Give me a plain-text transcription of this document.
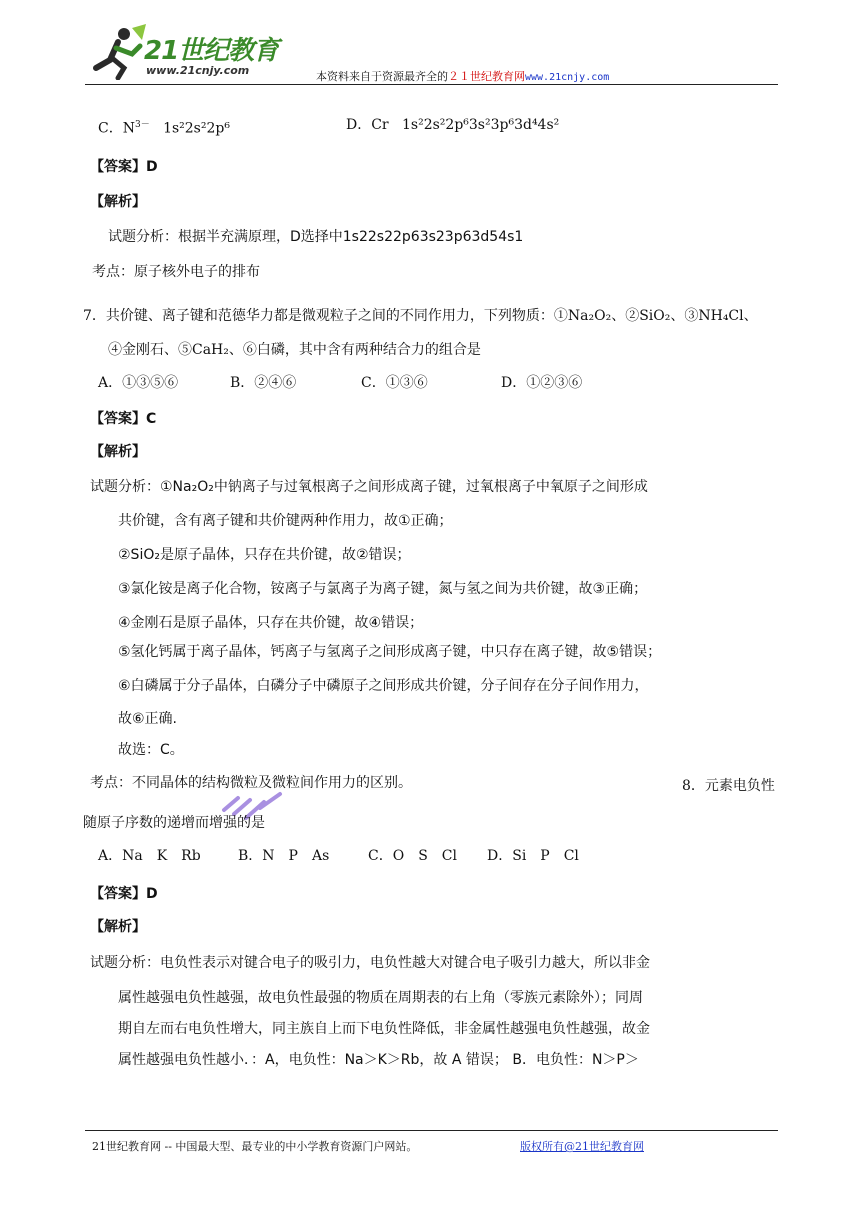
21世纪教育
www.21cnjy.com	本资料来自于资源最齐全的２１世纪教育网www.21cnjy.com
C．$N^{3-}$ 1s²2s²2p⁶	D．Cr 1s²2s²2p⁶3s²3p⁶3d⁴4s²
【答案】D
【解析】
试题分析：根据半充满原理，D选择中1s22s22p63s23p63d54s1
考点：原子核外电子的排布
7．共价键、离子键和范德华力都是微观粒子之间的不同作用力，下列物质：①Na₂O₂、②SiO₂、③NH₄Cl、
④金刚石、⑤CaH₂、⑥白磷，其中含有两种结合力的组合是
A．①③⑤⑥	B．②④⑥	C．①③⑥	D．①②③⑥
【答案】C
【解析】
试题分析：①Na₂O₂中钠离子与过氧根离子之间形成离子键，过氧根离子中氧原子之间形成
共价键，含有离子键和共价键两种作用力，故①正确；
②SiO₂是原子晶体，只存在共价键，故②错误；
③氯化铵是离子化合物，铵离子与氯离子为离子键，氮与氢之间为共价键，故③正确；
④金刚石是原子晶体，只存在共价键，故④错误；
⑤氢化钙属于离子晶体，钙离子与氢离子之间形成离子键，中只存在离子键，故⑤错误；
⑥白磷属于分子晶体，白磷分子中磷原子之间形成共价键，分子间存在分子间作用力，
故⑥正确.
故选：C。
考点：不同晶体的结构微粒及微粒间作用力的区别。	8．元素电负性
随原子序数的递增而增强的是
A．Na　K　Rb	B．N　P　As	C．O　S　Cl D．Si　P　Cl
【答案】D
【解析】
试题分析：电负性表示对键合电子的吸引力，电负性越大对键合电子吸引力越大，所以非金
属性越强电负性越强，故电负性最强的物质在周期表的右上角（零族元素除外）；同周
期自左而右电负性增大，同主族自上而下电负性降低，非金属性越强电负性越强，故金
属性越强电负性越小．：A，电负性：Na＞K＞Rb，故 A 错误； B．电负性：N＞P＞
21世纪教育网 -- 中国最大型、最专业的中小学教育资源门户网站。	版权所有@21世纪教育网
